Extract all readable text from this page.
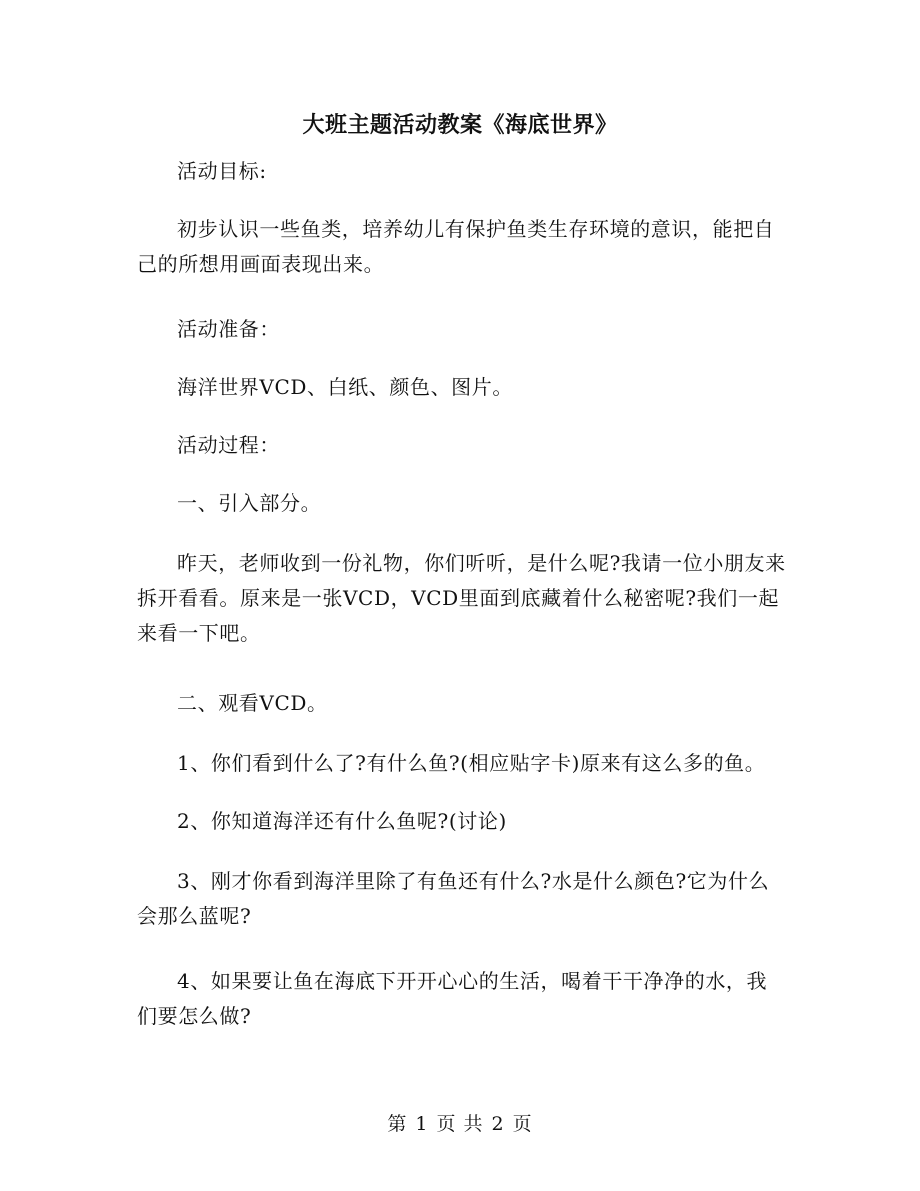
大班主题活动教案《海底世界》

活动目标:

初步认识一些鱼类，培养幼儿有保护鱼类生存环境的意识，能把自己的所想用画面表现出来。

活动准备：

海洋世界VCD、白纸、颜色、图片。

活动过程：

一、引入部分。

昨天，老师收到一份礼物，你们听听，是什么呢?我请一位小朋友来拆开看看。原来是一张VCD，VCD里面到底藏着什么秘密呢?我们一起来看一下吧。

二、观看VCD。

1、你们看到什么了?有什么鱼?(相应贴字卡)原来有这么多的鱼。

2、你知道海洋还有什么鱼呢?(讨论)

3、刚才你看到海洋里除了有鱼还有什么?水是什么颜色?它为什么会那么蓝呢?

4、如果要让鱼在海底下开开心心的生活，喝着干干净净的水，我们要怎么做?

第 1 页 共 2 页
